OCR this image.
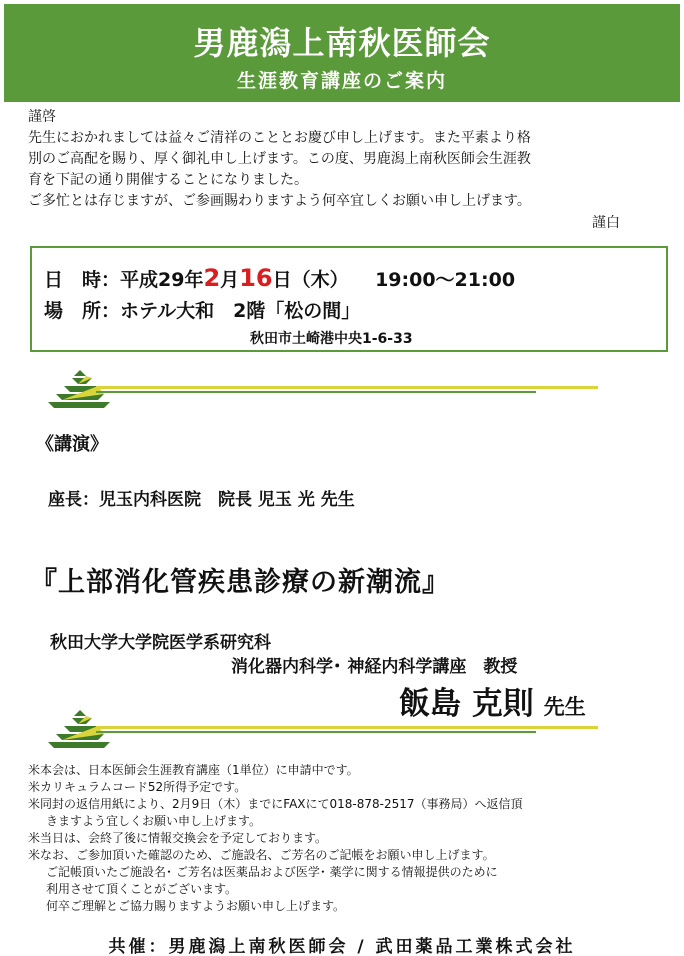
男鹿潟上南秋医師会
生涯教育講座のご案内
謹啓
先生におかれましては益々ご清祥のこととお慶び申し上げます。また平素より格
別のご高配を賜り、厚く御礼申し上げます。この度、男鹿潟上南秋医師会生涯教
育を下記の通り開催することになりました。
ご多忙とは存じますが、ご参画賜わりますよう何卒宜しくお願い申し上げます。
謹白
日　時：平成29年2月16日（木） 19:00～21:00
場　所：ホテル大和　2階「松の間」
秋田市土崎港中央1-6-33
《講演》
座長：児玉内科医院　院長 児玉 光 先生
『上部消化管疾患診療の新潮流』
秋田大学大学院医学系研究科
消化器内科学･ 神経内科学講座　教授
飯島 克則 先生
米本会は、日本医師会生涯教育講座（1単位）に申請中です。
米カリキュラムコード52所得予定です。
米同封の返信用紙により、2月9日（木）までにFAXにて018-878-2517（事務局）へ返信頂
きますよう宜しくお願い申し上げます。
米当日は、会終了後に情報交換会を予定しております。
米なお、ご参加頂いた確認のため、ご施設名、ご芳名のご記帳をお願い申し上げます。
ご記帳頂いたご施設名･ ご芳名は医薬品および医学･ 薬学に関する情報提供のために
利用させて頂くことがございます。
何卒ご理解とご協力賜りますようお願い申し上げます。
共催：男鹿潟上南秋医師会 / 武田薬品工業株式会社
